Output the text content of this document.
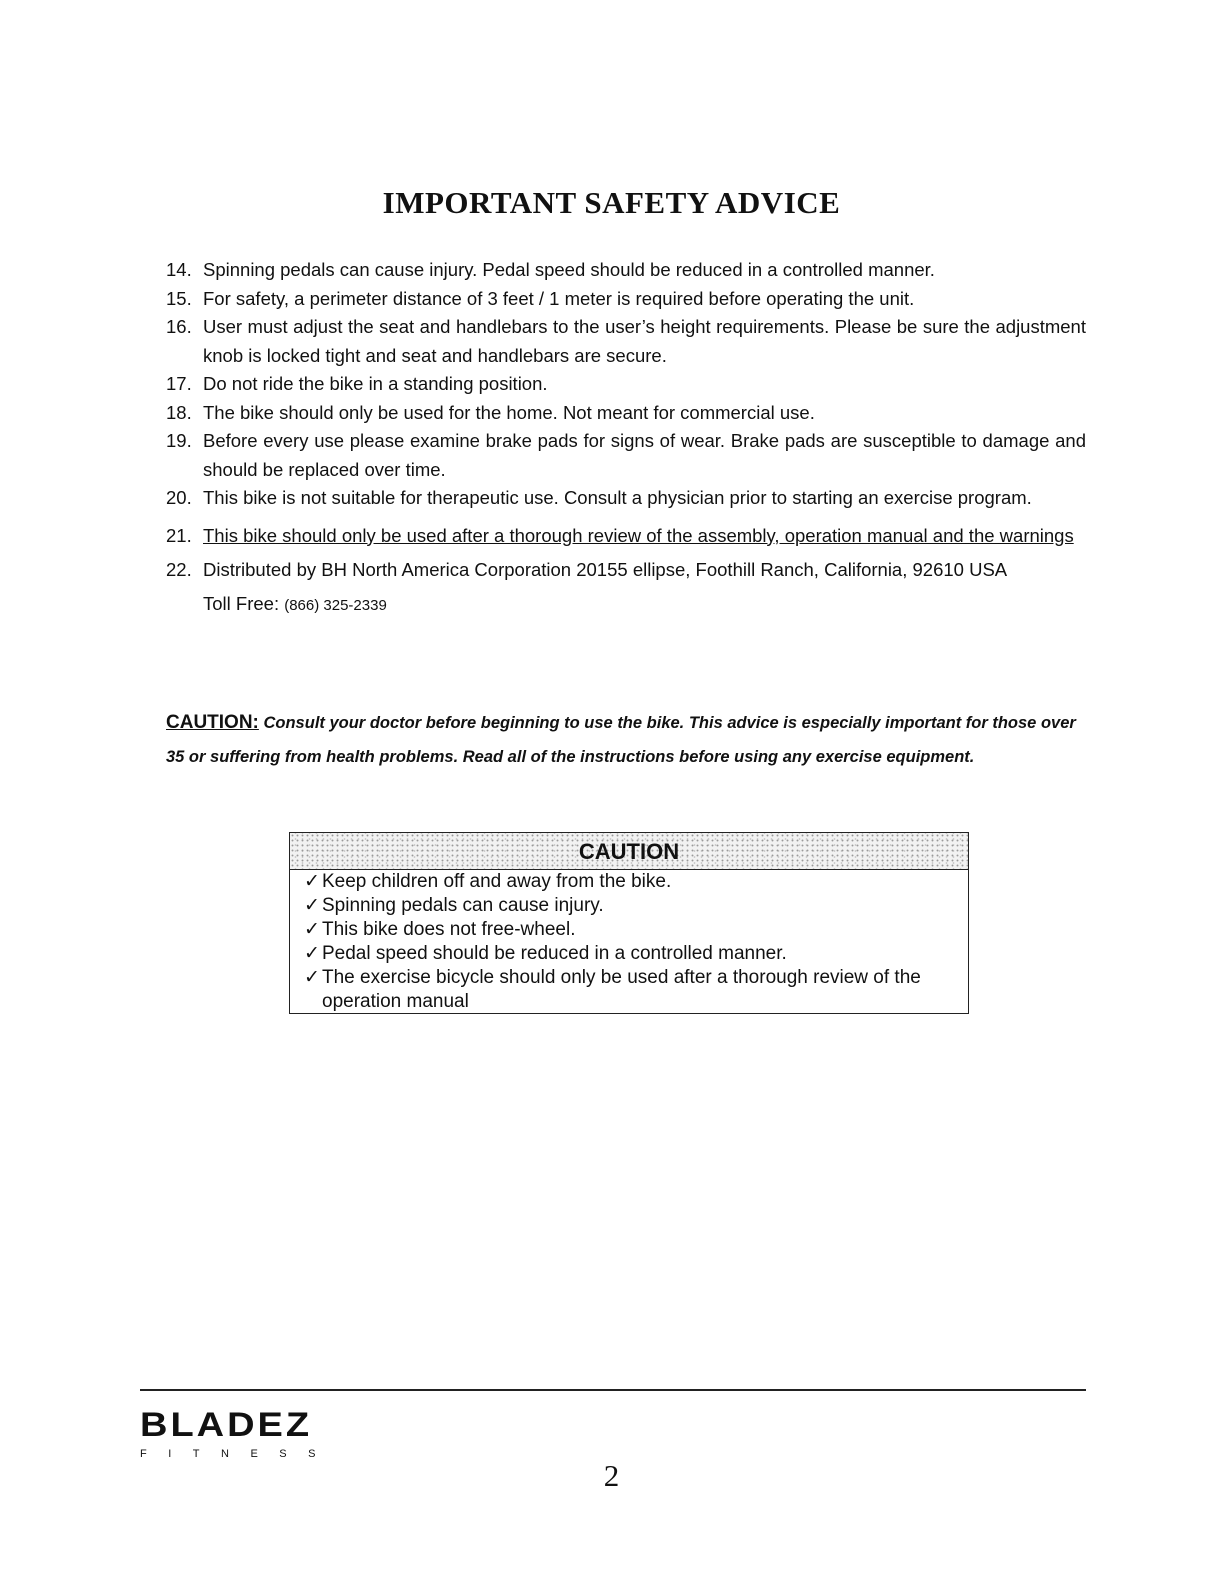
IMPORTANT SAFETY ADVICE
14. Spinning pedals can cause injury. Pedal speed should be reduced in a controlled manner.
15. For safety, a perimeter distance of 3 feet / 1 meter is required before operating the unit.
16. User must adjust the seat and handlebars to the user’s height requirements. Please be sure the adjustment knob is locked tight and seat and handlebars are secure.
17. Do not ride the bike in a standing position.
18. The bike should only be used for the home. Not meant for commercial use.
19. Before every use please examine brake pads for signs of wear. Brake pads are susceptible to damage and should be replaced over time.
20. This bike is not suitable for therapeutic use. Consult a physician prior to starting an exercise program.
21. This bike should only be used after a thorough review of the assembly, operation manual and the warnings
22. Distributed by BH North America Corporation 20155 ellipse, Foothill Ranch, California, 92610 USA
Toll Free: (866) 325-2339

CAUTION: Consult your doctor before beginning to use the bike. This advice is especially important for those over 35 or suffering from health problems. Read all of the instructions before using any exercise equipment.

CAUTION
✓ Keep children off and away from the bike.
✓ Spinning pedals can cause injury.
✓ This bike does not free-wheel.
✓ Pedal speed should be reduced in a controlled manner.
✓ The exercise bicycle should only be used after a thorough review of the operation manual
BLADEZ
FITNESS
2
